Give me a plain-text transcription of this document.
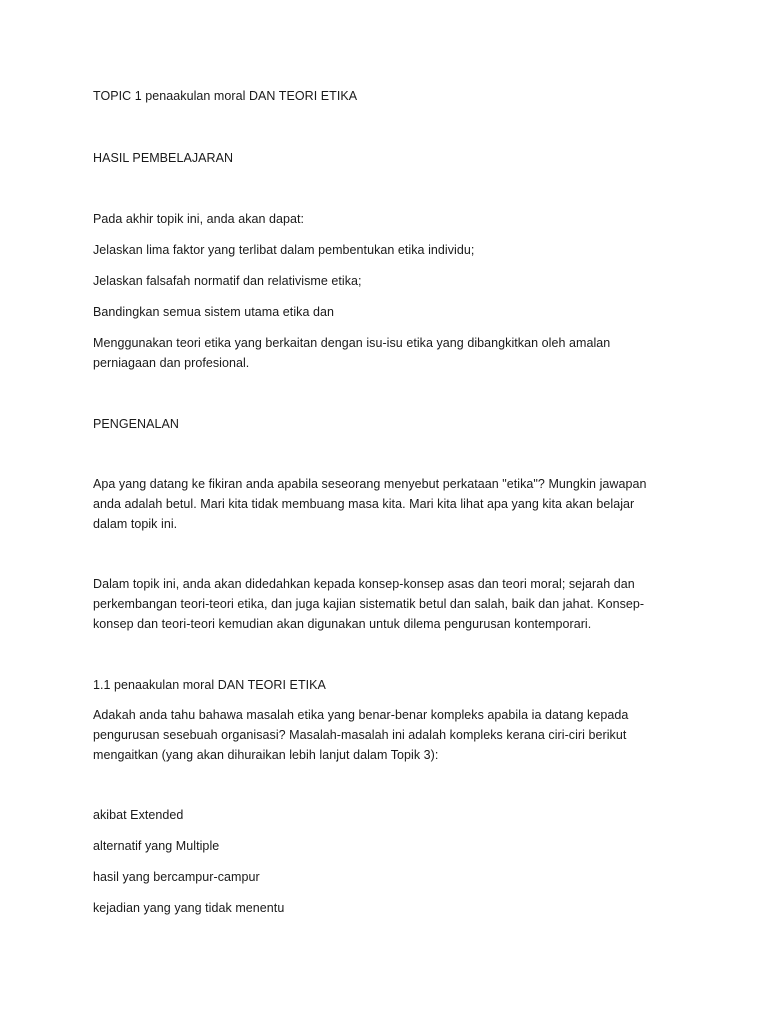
TOPIC 1 penaakulan moral DAN TEORI ETIKA
HASIL PEMBELAJARAN
Pada akhir topik ini, anda akan dapat:
Jelaskan lima faktor yang terlibat dalam pembentukan etika individu;
Jelaskan falsafah normatif dan relativisme etika;
Bandingkan semua sistem utama etika dan
Menggunakan teori etika yang berkaitan dengan isu-isu etika yang dibangkitkan oleh amalan
perniagaan dan profesional.
PENGENALAN
Apa yang datang ke fikiran anda apabila seseorang menyebut perkataan "etika"? Mungkin jawapan
anda adalah betul. Mari kita tidak membuang masa kita. Mari kita lihat apa yang kita akan belajar
dalam topik ini.
Dalam topik ini, anda akan didedahkan kepada konsep-konsep asas dan teori moral; sejarah dan
perkembangan teori-teori etika, dan juga kajian sistematik betul dan salah, baik dan jahat. Konsep-
konsep dan teori-teori kemudian akan digunakan untuk dilema pengurusan kontemporari.
1.1 penaakulan moral DAN TEORI ETIKA
Adakah anda tahu bahawa masalah etika yang benar-benar kompleks apabila ia datang kepada
pengurusan sesebuah organisasi? Masalah-masalah ini adalah kompleks kerana ciri-ciri berikut
mengaitkan (yang akan dihuraikan lebih lanjut dalam Topik 3):
akibat Extended
alternatif yang Multiple
hasil yang bercampur-campur
kejadian yang yang tidak menentu
